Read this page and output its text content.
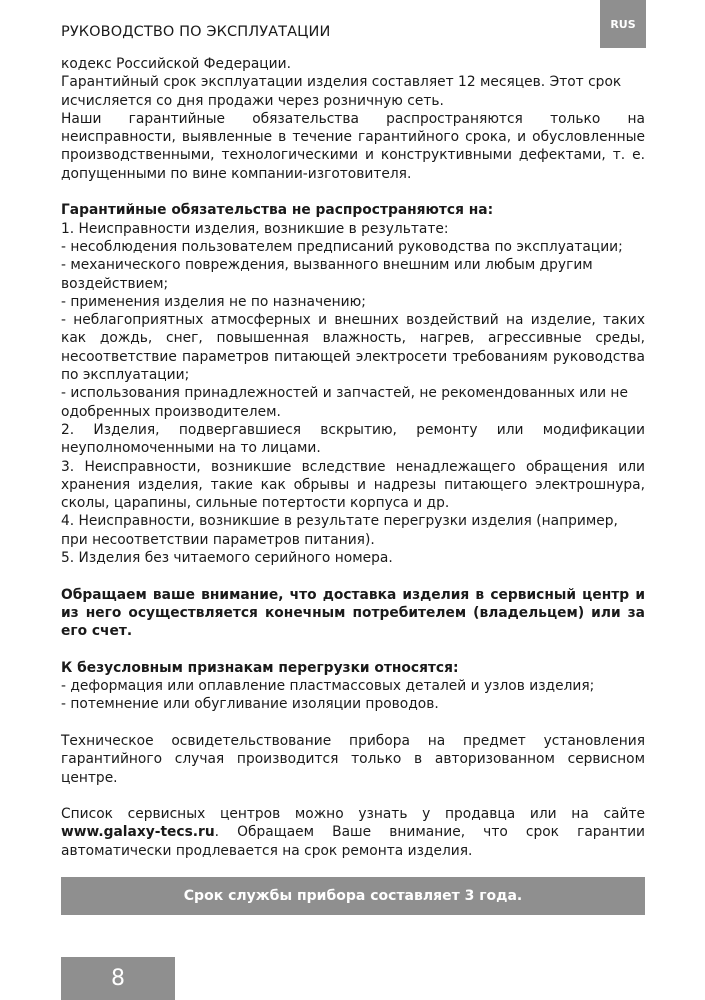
РУКОВОДСТВО ПО ЭКСПЛУАТАЦИИ	RUS

кодекс Российской Федерации.

Гарантийный срок эксплуатации изделия составляет 12 месяцев. Этот срок исчисляется со дня продажи через розничную сеть.

Наши гарантийные обязательства распространяются только на неисправности, выявленные в течение гарантийного срока, и обусловленные производственными, технологическими и конструктивными дефектами, т. е. допущенными по вине компании-изготовителя.

Гарантийные обязательства не распространяются на:

1. Неисправности изделия, возникшие в результате:

- несоблюдения пользователем предписаний руководства по эксплуатации;

- механического повреждения, вызванного внешним или любым другим воздействием;

- применения изделия не по назначению;

- неблагоприятных атмосферных и внешних воздействий на изделие, таких как дождь, снег, повышенная влажность, нагрев, агрессивные среды, несоответствие параметров питающей электросети требованиям руководства по эксплуатации;

- использования принадлежностей и запчастей, не рекомендованных или не одобренных производителем.

2. Изделия, подвергавшиеся вскрытию, ремонту или модификации неуполномоченными на то лицами.

3. Неисправности, возникшие вследствие ненадлежащего обращения или хранения изделия, такие как обрывы и надрезы питающего электрошнура, сколы, царапины, сильные потертости корпуса и др.

4. Неисправности, возникшие в результате перегрузки изделия (например, при несоответствии параметров питания).

5. Изделия без читаемого серийного номера.

Обращаем ваше внимание, что доставка изделия в сервисный центр и из него осуществляется конечным потребителем (владельцем) или за его счет.

К безусловным признакам перегрузки относятся:

- деформация или оплавление пластмассовых деталей и узлов изделия;

- потемнение или обугливание изоляции проводов.

Техническое освидетельствование прибора на предмет установления гарантийного случая производится только в авторизованном сервисном центре.

Список сервисных центров можно узнать у продавца или на сайте www.galaxy-tecs.ru. Обращаем Ваше внимание, что срок гарантии автоматически продлевается на срок ремонта изделия.

Срок службы прибора составляет 3 года.
8
